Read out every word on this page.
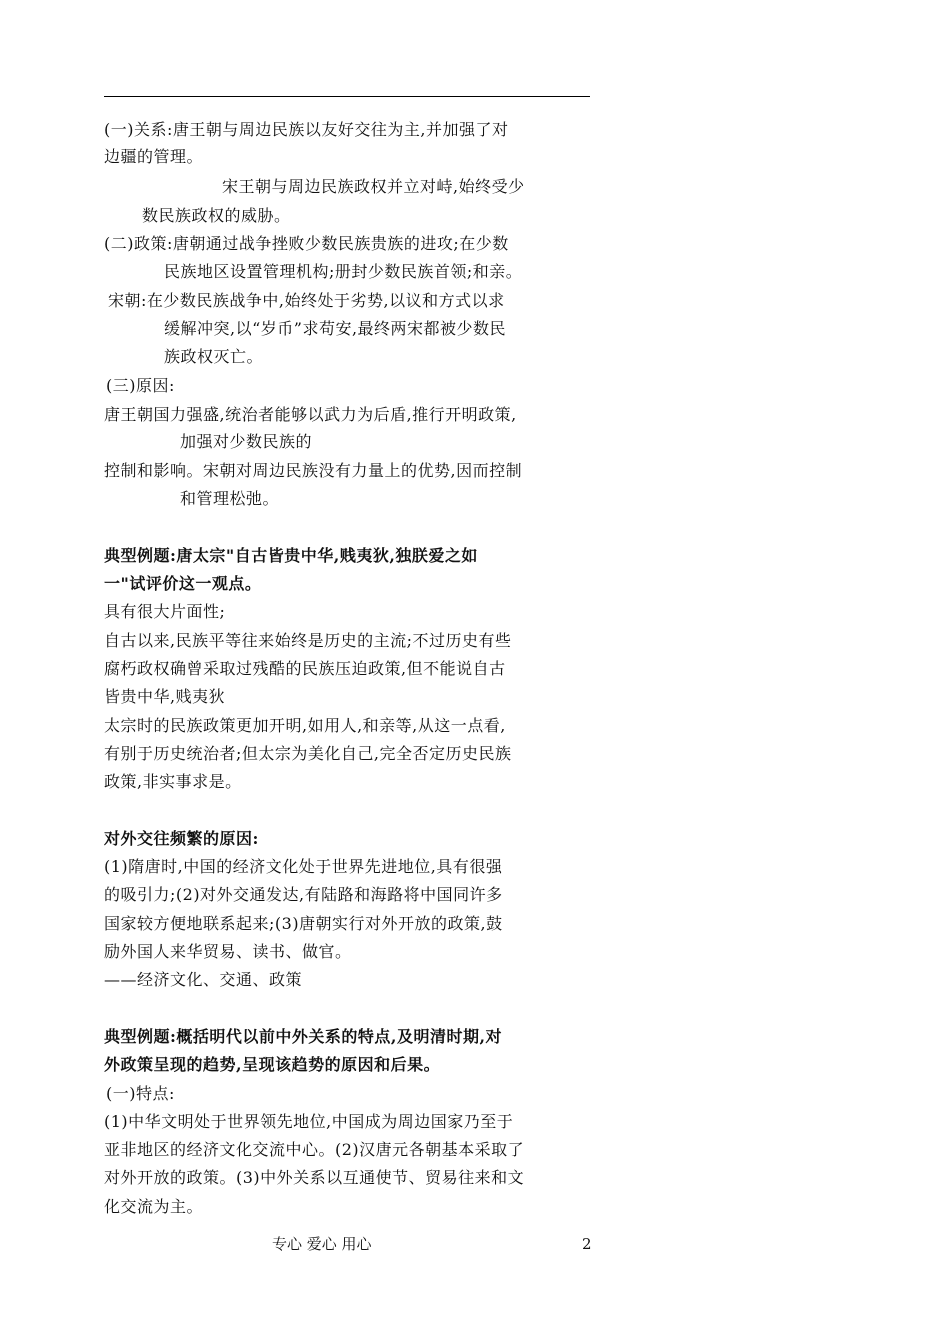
(一)关系:唐王朝与周边民族以友好交往为主,并加强了对
边疆的管理。
宋王朝与周边民族政权并立对峙,始终受少
数民族政权的威胁。
(二)政策:唐朝通过战争挫败少数民族贵族的进攻;在少数
民族地区设置管理机构;册封少数民族首领;和亲。
宋朝:在少数民族战争中,始终处于劣势,以议和方式以求
缓解冲突,以“岁币”求苟安,最终两宋都被少数民
族政权灭亡。
(三)原因:
唐王朝国力强盛,统治者能够以武力为后盾,推行开明政策,
加强对少数民族的
控制和影响。宋朝对周边民族没有力量上的优势,因而控制
和管理松弛。
典型例题:唐太宗"自古皆贵中华,贱夷狄,独朕爱之如
一"试评价这一观点。
具有很大片面性;
自古以来,民族平等往来始终是历史的主流;不过历史有些
腐朽政权确曾采取过残酷的民族压迫政策,但不能说自古
皆贵中华,贱夷狄
太宗时的民族政策更加开明,如用人,和亲等,从这一点看,
有别于历史统治者;但太宗为美化自己,完全否定历史民族
政策,非实事求是。
对外交往频繁的原因:
(1)隋唐时,中国的经济文化处于世界先进地位,具有很强
的吸引力;(2)对外交通发达,有陆路和海路将中国同许多
国家较方便地联系起来;(3)唐朝实行对外开放的政策,鼓
励外国人来华贸易、读书、做官。
——经济文化、交通、政策
典型例题:概括明代以前中外关系的特点,及明清时期,对
外政策呈现的趋势,呈现该趋势的原因和后果。
(一)特点:
(1)中华文明处于世界领先地位,中国成为周边国家乃至于
亚非地区的经济文化交流中心。(2)汉唐元各朝基本采取了
对外开放的政策。(3)中外关系以互通使节、贸易往来和文
化交流为主。
专心 爱心 用心	2
